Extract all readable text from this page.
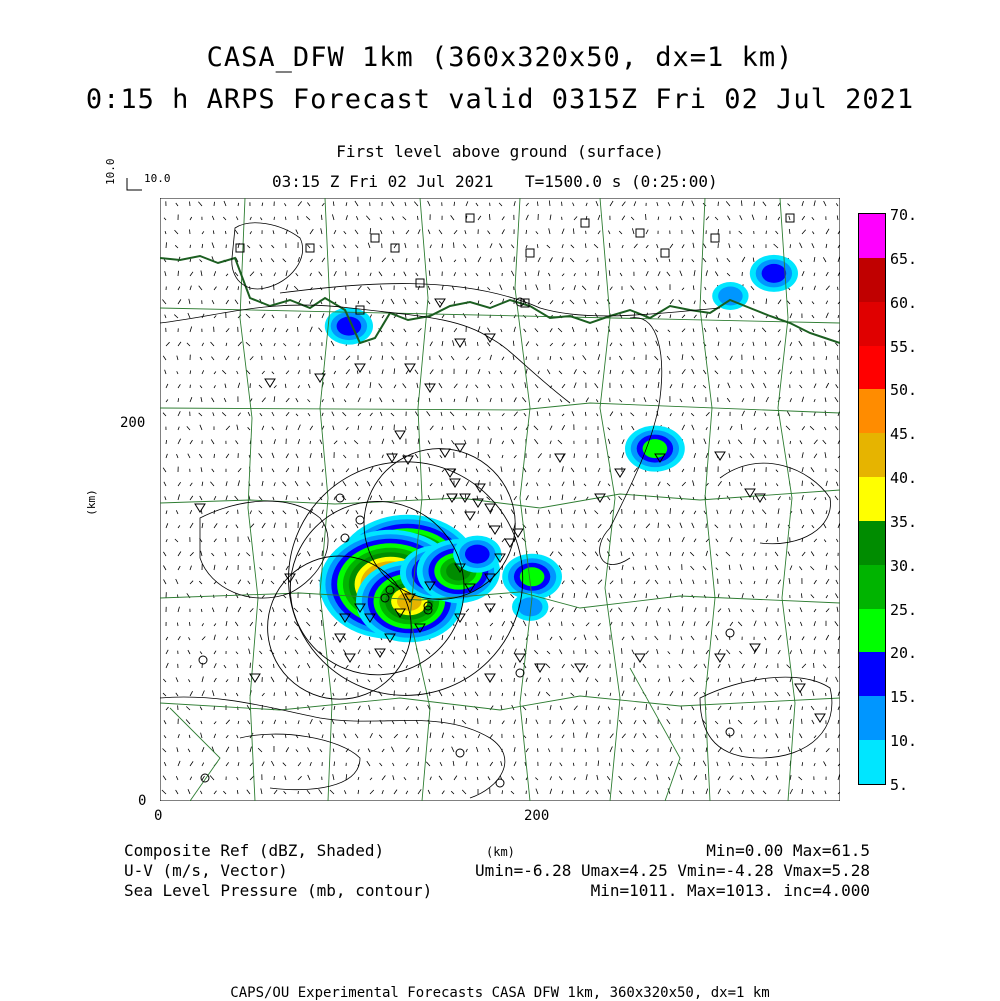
CASA_DFW 1km (360x320x50, dx=1 km)
0:15 h ARPS Forecast valid 0315Z Fri 02 Jul 2021
First level above ground (surface)
03:15 Z Fri 02 Jul 2021 T=1500.0 s (0:25:00)
10.0
10.0
70.
65.
60.
55.
50.
45.
40.
35.
30.
25.
20.
15.
10.
5.
200
0
0	200
(km)
Composite Ref (dBZ, Shaded)
U-V (m/s, Vector)
Sea Level Pressure (mb, contour)
(km)	Min=0.00 Max=61.5
Umin=-6.28 Umax=4.25 Vmin=-4.28 Vmax=5.28
Min=1011. Max=1013. inc=4.000
CAPS/OU Experimental Forecasts CASA DFW 1km, 360x320x50, dx=1 km
